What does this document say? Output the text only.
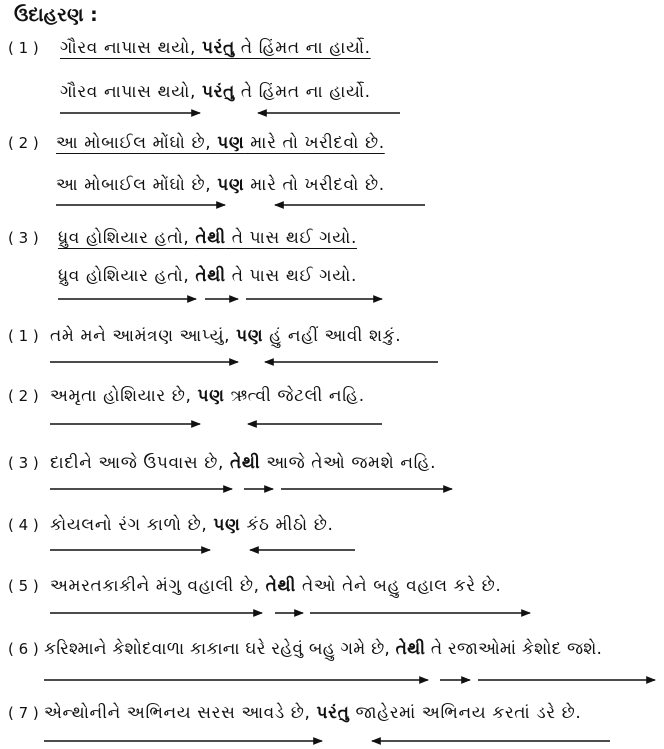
ઉદાહરણ :
( 1 ) ગૌરવ નાપાસ થયો, પરંતુ તે હિંમત ના હાર્યો.
ગૌરવ નાપાસ થયો, પરંતુ તે હિંમત ના હાર્યો.
( 2 ) આ મોબાઈલ મોંઘો છે, પણ મારે તો ખરીદવો છે.
આ મોબાઈલ મોંઘો છે, પણ મારે તો ખરીદવો છે.
( 3 ) ધ્રુવ હોશિયાર હતો, તેથી તે પાસ થઈ ગયો.
ધ્રુવ હોશિયાર હતો, તેથી તે પાસ થઈ ગયો.
( 1 ) તમે મને આમંત્રણ આપ્યું, પણ હું નહીં આવી શકું.
( 2 ) અમૃતા હોશિયાર છે, પણ ઋત્વી જેટલી નહિ.
( 3 ) દાદીને આજે ઉપવાસ છે, તેથી આજે તેઓ જમશે નહિ.
( 4 ) કોયલનો રંગ કાળો છે, પણ કંઠ મીઠો છે.
( 5 ) અમરતકાકીને મંગુ વહાલી છે, તેથી તેઓ તેને બહુ વહાલ કરે છે.
( 6 ) કરિશ્માને કેશોદવાળા કાકાના ઘરે રહેવું બહુ ગમે છે, તેથી તે રજાઓમાં કેશોદ જશે.
( 7 ) એન્થોનીને અભિનય સરસ આવડે છે, પરંતુ જાહેરમાં અભિનય કરતાં ડરે છે.
